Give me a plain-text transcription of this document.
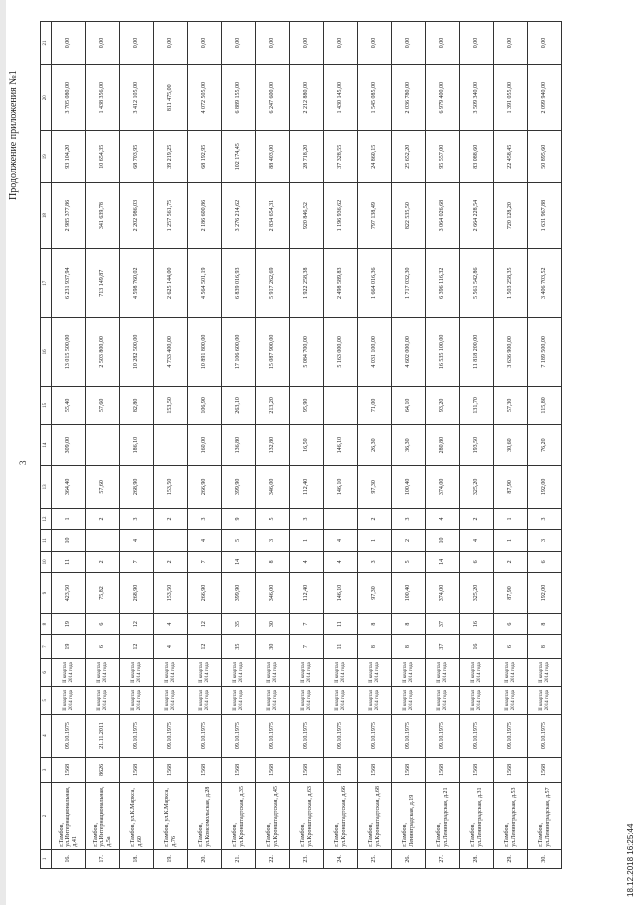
3
Продолжение приложения №1
1	2	3	4	5	6	7	8	9	10	11	12	13	14	15	16	17	18	19	20	21
16.	г.Тамбов, ул.Интернациональная, д.41	1568	09.10.1975	II квартал 2014 года	II квартал 2014 года	19	19	423,50	11	10	1	364,40	309,00	55,40	13 015 500,00	6 231 937,94	2 985 377,86	93 104,20	3 705 080,00	0,00
17.	г.Тамбов, ул.Интернациональная, д.5а	8626	21.11.2011	II квартал 2014 года	II квартал 2014 года	6	6	75,82	2		2	57,60		57,60	2 503 800,00	713 149,87	341 639,78	10 654,35	1 438 356,00	0,00
18.	г.Тамбов, ул.К.Маркса, д.60	1568	09.10.1975	II квартал 2014 года	II квартал 2014 года	12	12	268,90	7	4	3	268,90	186,10	82,80	10 282 500,00	4 598 760,02	2 202 986,03	68 703,95	3 412 105,00	0,00
19.	г.Тамбов, ул.К.Маркса, д.76	1568	09.10.1975	II квартал 2014 года	II квартал 2014 года	4	4	153,50	2		2	153,50		153,50	4 733 400,00	2 625 144,00	1 257 561,75	39 219,25	811 475,00	0,00
20.	г.Тамбов, ул.Комсомольская, д.28	1568	09.10.1975	II квартал 2014 года	II квартал 2014 года	12	12	266,90	7	4	3	266,90	160,00	106,90	10 891 800,00	4 564 501,19	2 186 600,86	68 192,95	4 072 505,00	0,00
21.	г.Тамбов, ул.Кронштадтская, д.35	1568	09.10.1975	II квартал 2014 года	II квартал 2014 года	35	35	399,90	14	5	9	399,90	136,80	263,10	17 106 600,00	6 839 016,93	3 276 214,62	102 174,45	6 889 155,00	0,00
22.	г.Тамбов, ул.Кронштадтская, д.45	1568	09.10.1975	II квартал 2014 года	II квартал 2014 года	30	30	346,00	8	3	5	346,00	132,80	213,20	15 087 900,00	5 917 262,69	2 834 654,31	88 403,00	6 247 600,00	0,00
23.	г.Тамбов, ул.Кронштадтская, д.63	1568	09.10.1975	II квартал 2014 года	II квартал 2014 года	7	7	112,40	4	1	3	112,40	16,50	95,90	5 084 700,00	1 922 258,38	920 846,52	28 718,20	2 212 880,00	0,00
24.	г.Тамбов, ул.Кронштадтская, д.66	1568	09.10.1975	II квартал 2014 года	II квартал 2014 года	11	11	146,10	4	4		146,10	146,10		5 163 000,00	2 498 589,83	1 196 936,62	37 328,55	1 430 145,00	0,00
25.	г.Тамбов, ул.Кронштадтская, д.68	1568	09.10.1975	II квартал 2014 года	II квартал 2014 года	8	8	97,30	3	1	2	97,30	26,30	71,00	4 031 100,00	1 664 016,36	797 138,49	24 860,15	1 545 085,00	0,00
26.	г.Тамбов, Ленинградская, д.19	1568	09.10.1975	II квартал 2014 года	II квартал 2014 года	8	8	100,40	5	2	3	100,40	36,30	64,10	4 602 000,00	1 717 032,30	822 535,50	25 652,20	2 036 780,00	0,00
27.	г.Тамбов, ул.Ленинградская, д.21	1568	09.10.1975	II квартал 2014 года	II квартал 2014 года	37	37	374,00	14	10	4	374,00	280,80	93,20	16 535 100,00	6 396 116,32	3 064 026,68	95 557,00	6 979 400,00	0,00
28.	г.Тамбов, ул.Ленинградская, д.31	1568	09.10.1975	II квартал 2014 года	II квартал 2014 года	16	16	325,20	6	4	2	325,20	193,50	131,70	11 818 200,00	5 561 542,86	2 664 228,54	83 088,60	3 509 340,00	0,00
29.	г.Тамбов, ул.Ленинградская, д.53	1568	09.10.1975	II квартал 2014 года	II квартал 2014 года	6	6	87,90	2	1	1	87,90	30,60	57,30	3 636 900,00	1 503 258,35	720 128,20	22 458,45	1 391 055,00	0,00
30.	г.Тамбов, ул.Ленинградская, д.57	1568	09.10.1975	II квартал 2014 года	II квартал 2014 года	8	8	192,00	6	3	3	192,00	76,20	115,80	7 189 500,00	3 406 703,52	1 631 967,88	50 895,60	2 099 940,00	0,00
18.12.2018 16:25:44
